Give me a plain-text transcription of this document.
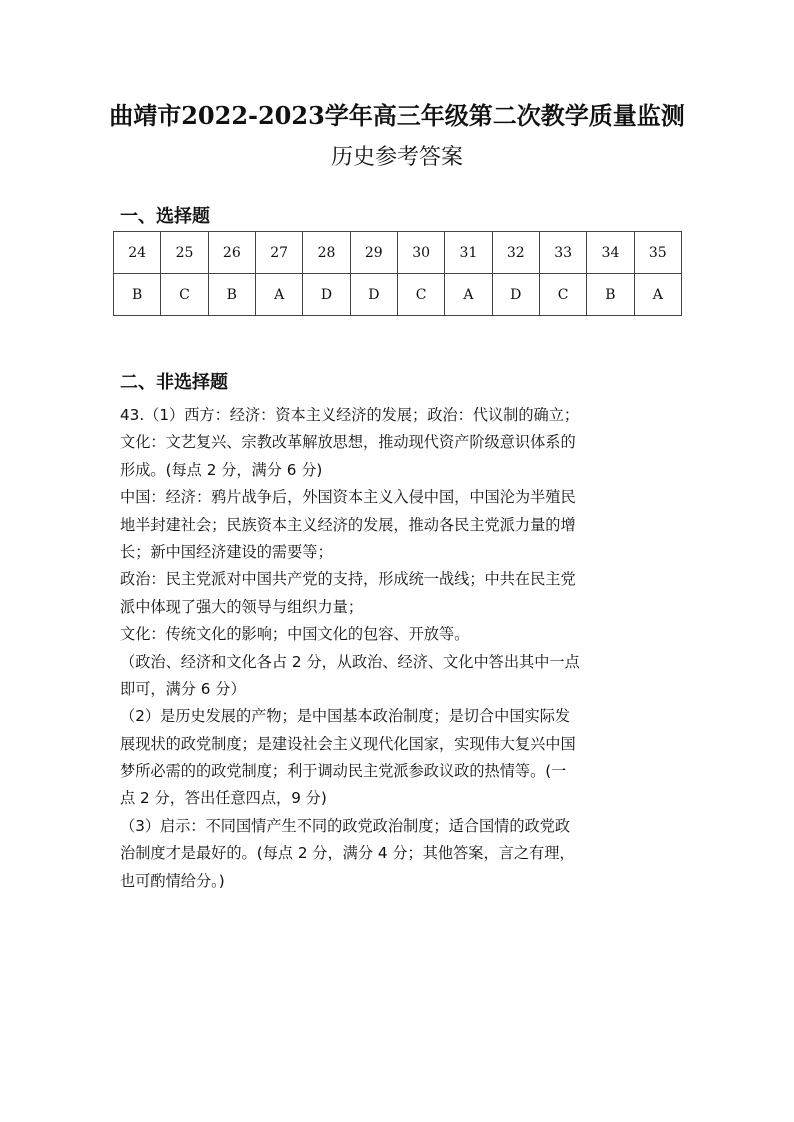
曲靖市2022-2023学年高三年级第二次教学质量监测
历史参考答案
一、选择题
24	25	26	27	28	29	30	31	32	33	34	35
B	C	B	A	D	D	C	A	D	C	B	A
二、非选择题
43.（1）西方：经济：资本主义经济的发展；政治：代议制的确立；
文化：文艺复兴、宗教改革解放思想，推动现代资产阶级意识体系的
形成。(每点 2 分，满分 6 分)
中国：经济：鸦片战争后，外国资本主义入侵中国，中国沦为半殖民
地半封建社会；民族资本主义经济的发展，推动各民主党派力量的增
长；新中国经济建设的需要等；
政治：民主党派对中国共产党的支持，形成统一战线；中共在民主党
派中体现了强大的领导与组织力量；
文化：传统文化的影响；中国文化的包容、开放等。
（政治、经济和文化各占 2 分，从政治、经济、文化中答出其中一点
即可，满分 6 分）
（2）是历史发展的产物；是中国基本政治制度；是切合中国实际发
展现状的政党制度；是建设社会主义现代化国家，实现伟大复兴中国
梦所必需的的政党制度；利于调动民主党派参政议政的热情等。(一
点 2 分，答出任意四点，9 分)
（3）启示：不同国情产生不同的政党政治制度；适合国情的政党政
治制度才是最好的。(每点 2 分，满分 4 分；其他答案，言之有理，
也可酌情给分。)
